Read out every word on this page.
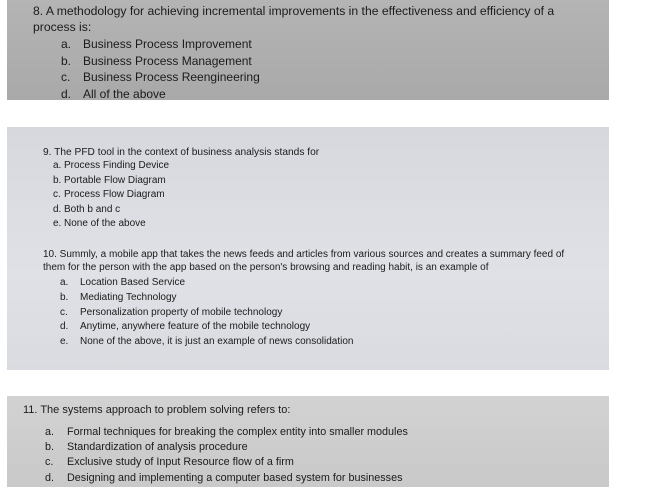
8. A methodology for achieving incremental improvements in the effectiveness and efficiency of a process is:

a. Business Process Improvement
b. Business Process Management
c.	Business Process Reengineering
d. All of the above

9. The PFD tool in the context of business analysis stands for

a. Process Finding Device
b. Portable Flow Diagram
c. Process Flow Diagram
d. Both b and c
e. None of the above

10. Summly, a mobile app that takes the news feeds and articles from various sources and creates a summary feed of them for the person with the app based on the person's browsing and reading habit, is an example of

a.	Location Based Service
b.	Mediating Technology
c.	Personalization property of mobile technology
d.	Anytime, anywhere feature of the mobile technology
e.	None of the above, it is just an example of news consolidation

11. The systems approach to problem solving refers to:

a.	Formal techniques for breaking the complex entity into smaller modules
b.	Standardization of analysis procedure
c.	Exclusive study of Input Resource flow of a firm
d.	Designing and implementing a computer based system for businesses
